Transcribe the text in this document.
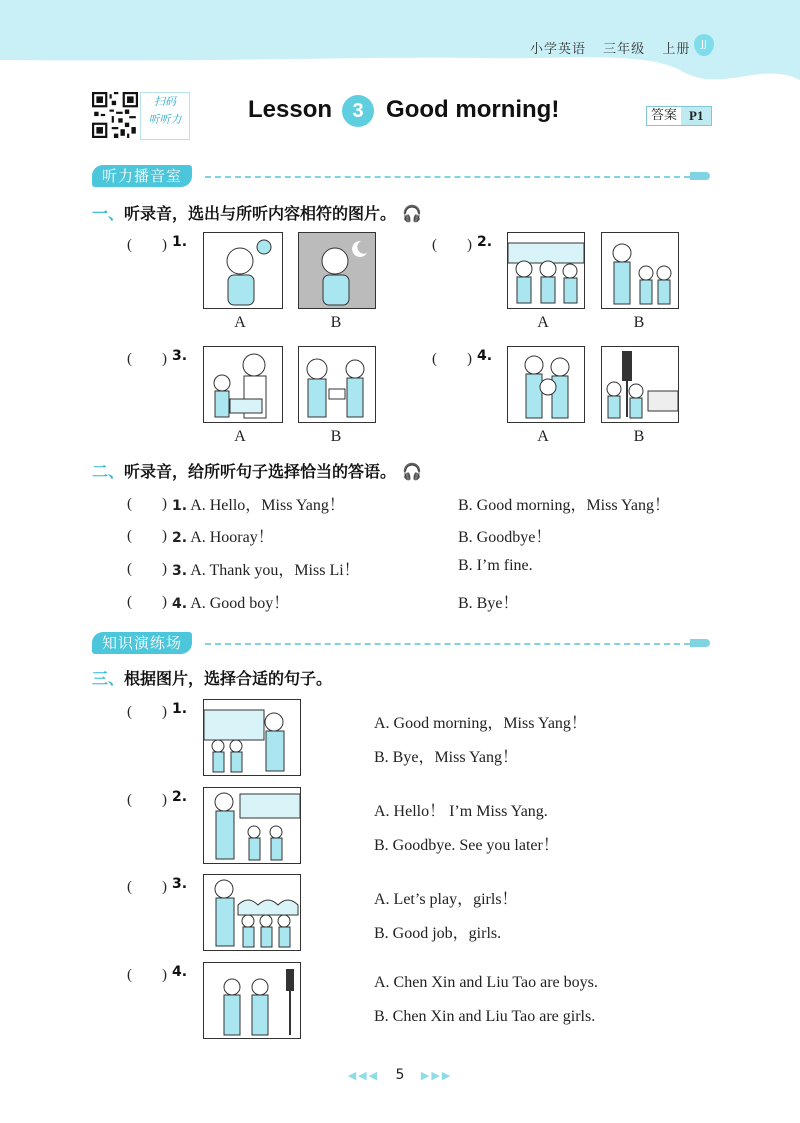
小学英语 三年级 上册	JJ
扫码
听听力	Lesson 3 Good morning!	答案 P1
听力播音室
一、听录音，选出与所听内容相符的图片。 🎧
(　　) 1.
A	B
(　　) 2.
A	B
(　　) 3.
A	B
(　　) 4.
A	B
二、听录音，给所听句子选择恰当的答语。 🎧
(　　) 1. A. Hello，Miss Yang！	B. Good morning，Miss Yang！
(　　) 2. A. Hooray！	B. Goodbye！
(　　) 3. A. Thank you，Miss Li！	B. I’m fine.
(　　) 4. A. Good boy！	B. Bye！
知识演练场
三、根据图片，选择合适的句子。
(　　) 1.
A. Good morning，Miss Yang！
B. Bye，Miss Yang！
(　　) 2.
A. Hello！ I’m Miss Yang.
B. Goodbye. See you later！
(　　) 3.
A. Let’s play，girls！
B. Good job，girls.
(　　) 4.
A. Chen Xin and Liu Tao are boys.
B. Chen Xin and Liu Tao are girls.
◀◀◀ 5 ▶▶▶
